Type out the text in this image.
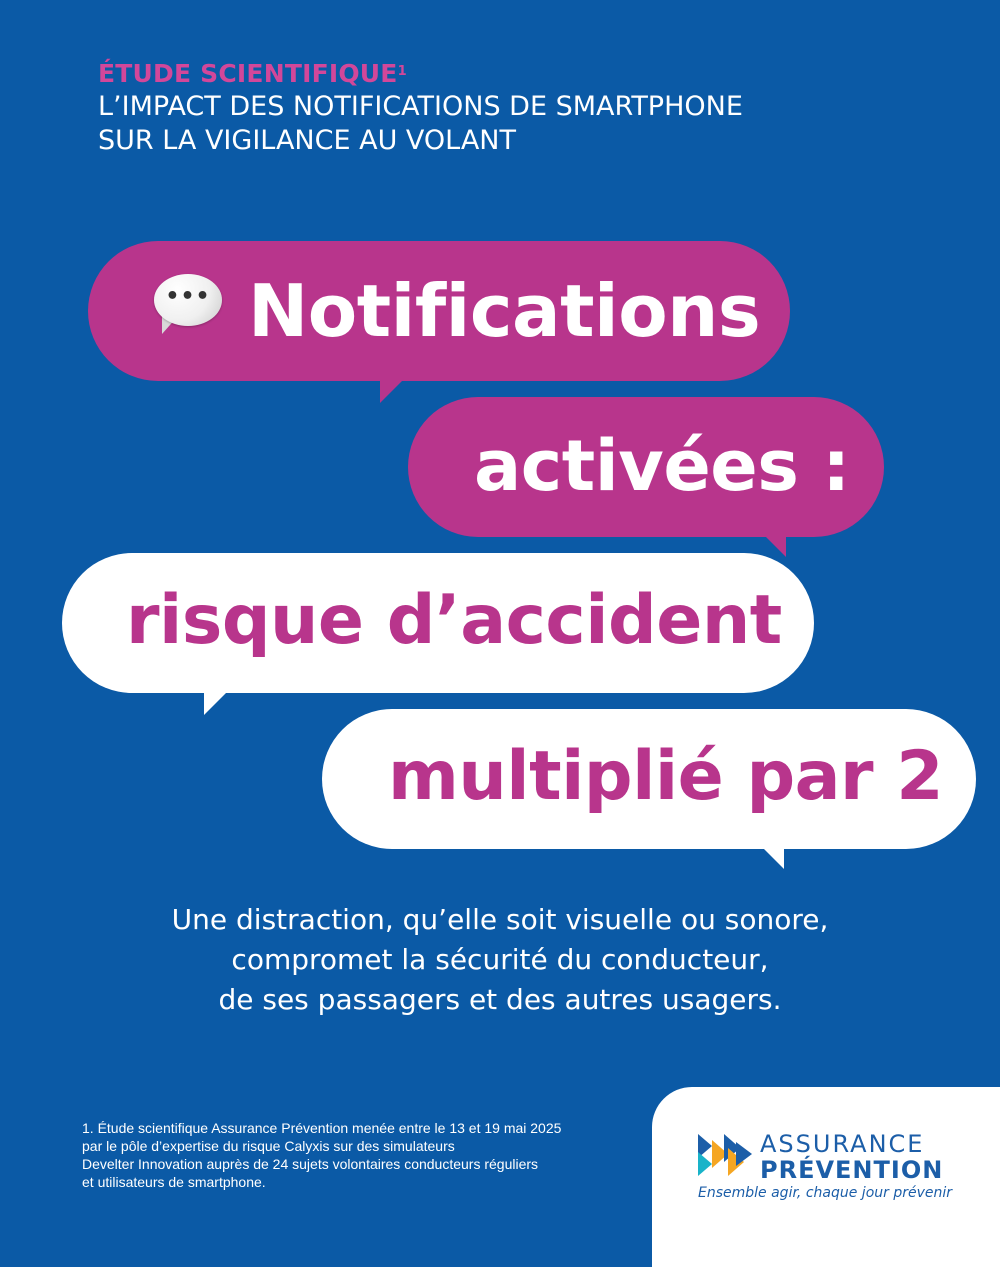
ÉTUDE SCIENTIFIQUE$^1$
L’IMPACT DES NOTIFICATIONS DE SMARTPHONE
SUR LA VIGILANCE AU VOLANT
••• Notifications
activées :
risque d’accident
multiplié par 2
Une distraction, qu’elle soit visuelle ou sonore,
compromet la sécurité du conducteur,
de ses passagers et des autres usagers.
1. Étude scientifique Assurance Prévention menée entre le 13 et 19 mai 2025
par le pôle d’expertise du risque Calyxis sur des simulateurs
Develter Innovation auprès de 24 sujets volontaires conducteurs réguliers
et utilisateurs de smartphone.
ASSURANCE
PRÉVENTION
Ensemble agir, chaque jour prévenir
